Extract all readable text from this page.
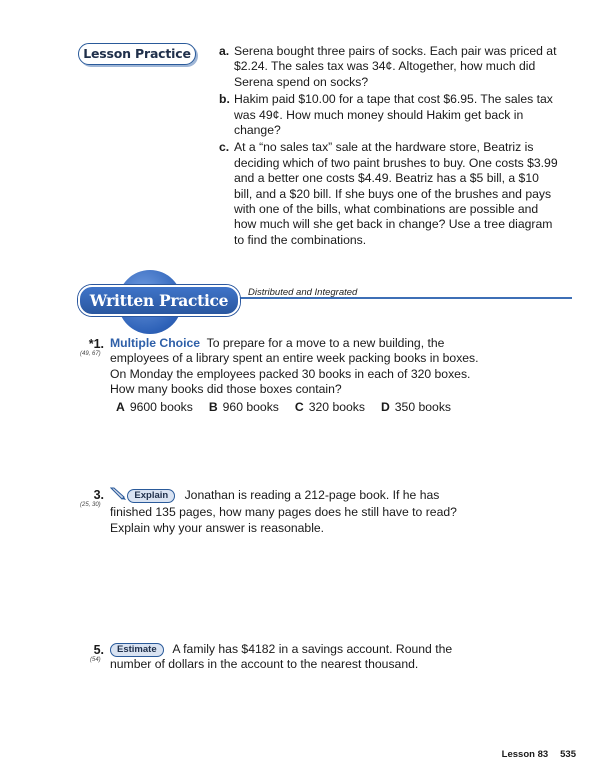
Lesson Practice	a. Serena bought three pairs of socks. Each pair was priced at $2.24. The sales tax was 34¢. Altogether, how much did Serena spend on socks?
b. Hakim paid $10.00 for a tape that cost $6.95. The sales tax was 49¢. How much money should Hakim get back in change?
c. At a “no sales tax” sale at the hardware store, Beatriz is deciding which of two paint brushes to buy. One costs $3.99 and a better one costs $4.49. Beatriz has a $5 bill, a $10 bill, and a $20 bill. If she buys one of the brushes and pays with one of the bills, what combinations are possible and how much will she get back in change? Use a tree diagram to find the combinations.
Written Practice	Distributed and Integrated
*1.
(49, 67)
Multiple Choice To prepare for a move to a new building, the employees of a library spent an entire week packing books in boxes. On Monday the employees packed 30 books in each of 320 boxes. How many books did those boxes contain?
A 9600 books B 960 books C 320 books D 350 books
3.
(25, 30)
Explain Jonathan is reading a 212-page book. If he has finished 135 pages, how many pages does he still have to read? Explain why your answer is reasonable.
5.
(54)
Estimate A family has $4182 in a savings account. Round the number of dollars in the account to the nearest thousand.
Lesson 83 535
